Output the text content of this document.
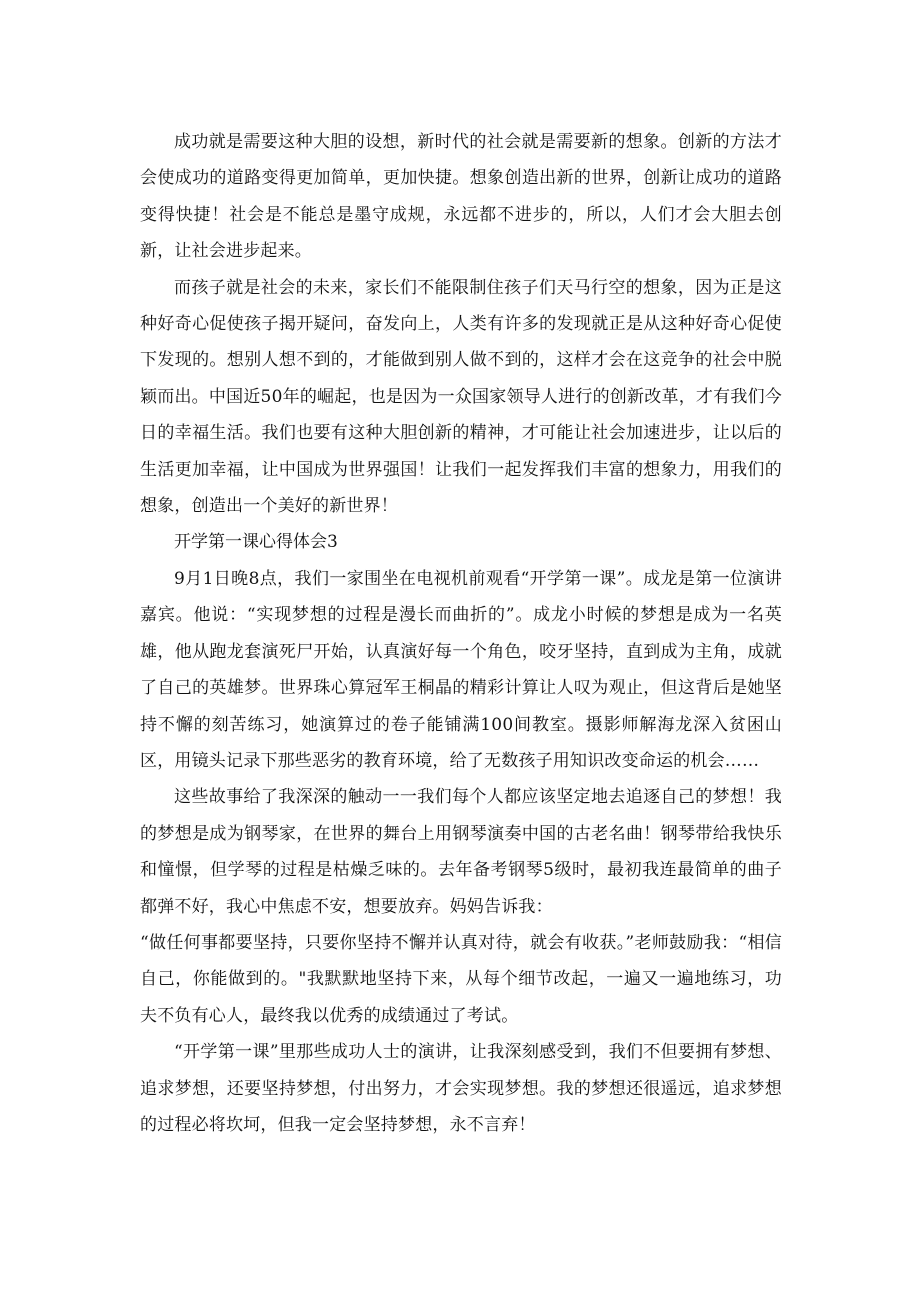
成功就是需要这种大胆的设想，新时代的社会就是需要新的想象。创新的方法才会使成功的道路变得更加简单，更加快捷。想象创造出新的世界，创新让成功的道路变得快捷！社会是不能总是墨守成规，永远都不进步的，所以，人们才会大胆去创新，让社会进步起来。

而孩子就是社会的未来，家长们不能限制住孩子们天马行空的想象，因为正是这种好奇心促使孩子揭开疑问，奋发向上，人类有许多的发现就正是从这种好奇心促使下发现的。想别人想不到的，才能做到别人做不到的，这样才会在这竞争的社会中脱颖而出。中国近50年的崛起，也是因为一众国家领导人进行的创新改革，才有我们今日的幸福生活。我们也要有这种大胆创新的精神，才可能让社会加速进步，让以后的生活更加幸福，让中国成为世界强国！让我们一起发挥我们丰富的想象力，用我们的想象，创造出一个美好的新世界！

开学第一课心得体会3

9月1日晚8点，我们一家围坐在电视机前观看“开学第一课”。成龙是第一位演讲嘉宾。他说：“实现梦想的过程是漫长而曲折的”。成龙小时候的梦想是成为一名英雄，他从跑龙套演死尸开始，认真演好每一个角色，咬牙坚持，直到成为主角，成就了自己的英雄梦。世界珠心算冠军王桐晶的精彩计算让人叹为观止，但这背后是她坚持不懈的刻苦练习，她演算过的卷子能铺满100间教室。摄影师解海龙深入贫困山区，用镜头记录下那些恶劣的教育环境，给了无数孩子用知识改变命运的机会……

这些故事给了我深深的触动一一我们每个人都应该坚定地去追逐自己的梦想！我的梦想是成为钢琴家，在世界的舞台上用钢琴演奏中国的古老名曲！钢琴带给我快乐和憧憬，但学琴的过程是枯燥乏味的。去年备考钢琴5级时，最初我连最简单的曲子都弹不好，我心中焦虑不安，想要放弃。妈妈告诉我：

“做任何事都要坚持，只要你坚持不懈并认真对待，就会有收获。”老师鼓励我：“相信自己，你能做到的。"我默默地坚持下来，从每个细节改起，一遍又一遍地练习，功夫不负有心人，最终我以优秀的成绩通过了考试。

“开学第一课”里那些成功人士的演讲，让我深刻感受到，我们不但要拥有梦想、追求梦想，还要坚持梦想，付出努力，才会实现梦想。我的梦想还很遥远，追求梦想的过程必将坎坷，但我一定会坚持梦想，永不言弃！
